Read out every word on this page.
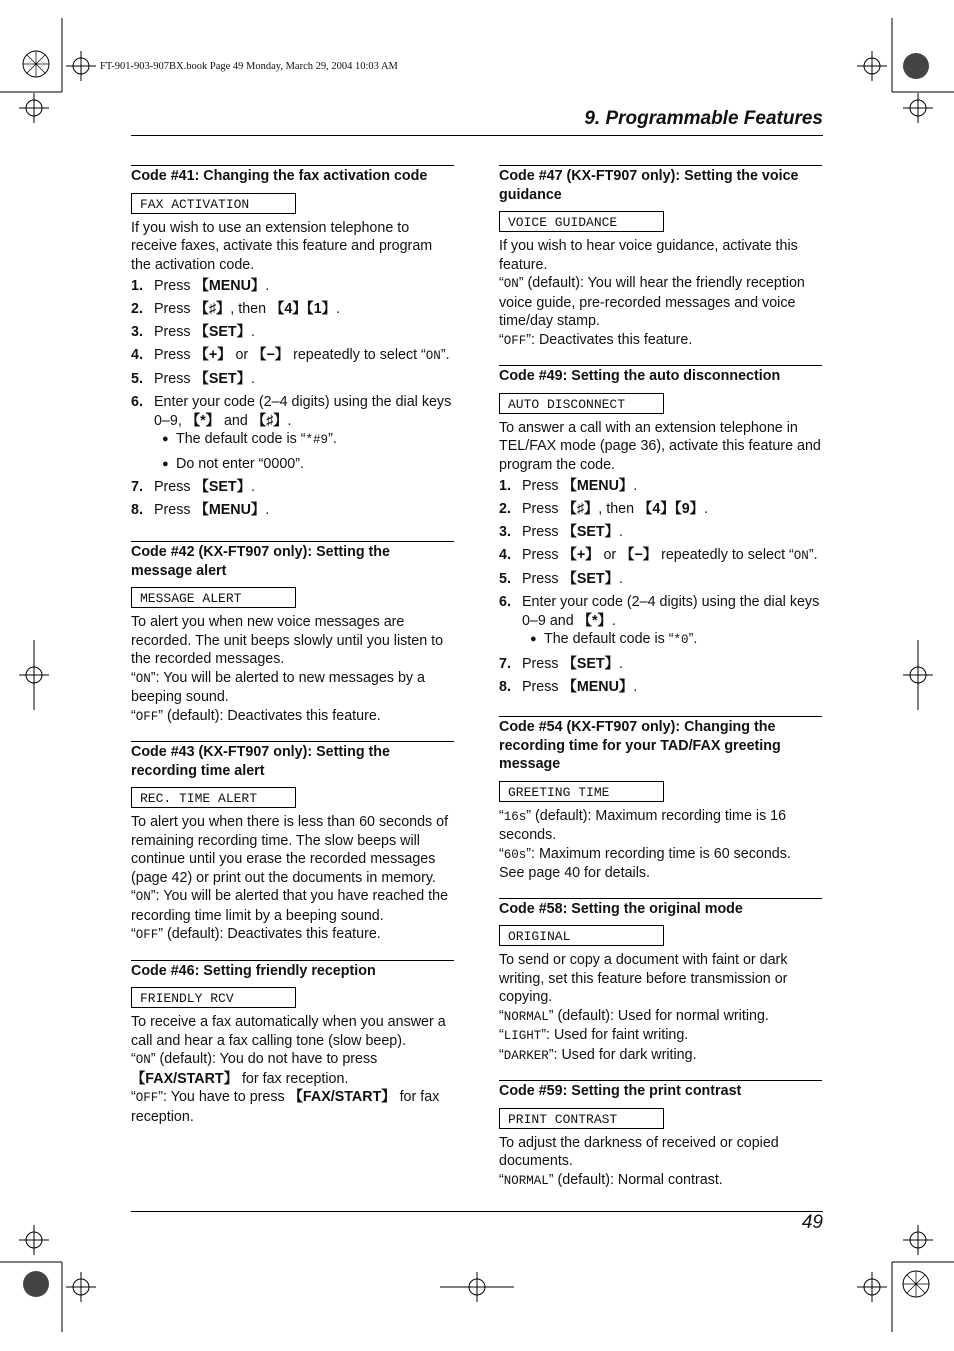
FT-901-903-907BX.book Page 49 Monday, March 29, 2004 10:03 AM
9. Programmable Features
Code #41: Changing the fax activation code
FAX ACTIVATION

If you wish to use an extension telephone to receive faxes, activate this feature and program the activation code.

1. Press 【MENU】.
2. Press 【♯】, then 【4】【1】.
3. Press 【SET】.
4. Press 【+】 or 【−】 repeatedly to select “ON”.
5. Press 【SET】.
6. Enter your code (2–4 digits) using the dial keys 0–9, 【*】 and 【♯】.
● The default code is “*#9”.
● Do not enter “0000”.
7. Press 【SET】.
8. Press 【MENU】.
Code #42 (KX-FT907 only): Setting the message alert
MESSAGE ALERT

To alert you when new voice messages are recorded. The unit beeps slowly until you listen to the recorded messages.

“ON”: You will be alerted to new messages by a beeping sound.

“OFF” (default): Deactivates this feature.

Code #43 (KX-FT907 only): Setting the recording time alert
REC. TIME ALERT

To alert you when there is less than 60 seconds of remaining recording time. The slow beeps will continue until you erase the recorded messages (page 42) or print out the documents in memory.

“ON”: You will be alerted that you have reached the recording time limit by a beeping sound.

“OFF” (default): Deactivates this feature.

Code #46: Setting friendly reception
FRIENDLY RCV

To receive a fax automatically when you answer a call and hear a fax calling tone (slow beep).

“ON” (default): You do not have to press 【FAX/START】 for fax reception.

“OFF”: You have to press 【FAX/START】 for fax reception.

Code #47 (KX-FT907 only): Setting the voice guidance
VOICE GUIDANCE

If you wish to hear voice guidance, activate this feature.

“ON” (default): You will hear the friendly reception voice guide, pre-recorded messages and voice time/day stamp.

“OFF”: Deactivates this feature.

Code #49: Setting the auto disconnection
AUTO DISCONNECT

To answer a call with an extension telephone in TEL/FAX mode (page 36), activate this feature and program the code.

1. Press 【MENU】.
2. Press 【♯】, then 【4】【9】.
3. Press 【SET】.
4. Press 【+】 or 【−】 repeatedly to select “ON”.
5. Press 【SET】.
6. Enter your code (2–4 digits) using the dial keys 0–9 and 【*】.
● The default code is “*0”.
7. Press 【SET】.
8. Press 【MENU】.
Code #54 (KX-FT907 only): Changing the recording time for your TAD/FAX greeting message
GREETING TIME

“16s” (default): Maximum recording time is 16 seconds.

“60s”: Maximum recording time is 60 seconds.

See page 40 for details.

Code #58: Setting the original mode
ORIGINAL

To send or copy a document with faint or dark writing, set this feature before transmission or copying.

“NORMAL” (default): Used for normal writing.

“LIGHT”: Used for faint writing.

“DARKER”: Used for dark writing.

Code #59: Setting the print contrast
PRINT CONTRAST

To adjust the darkness of received or copied documents.

“NORMAL” (default): Normal contrast.

49
